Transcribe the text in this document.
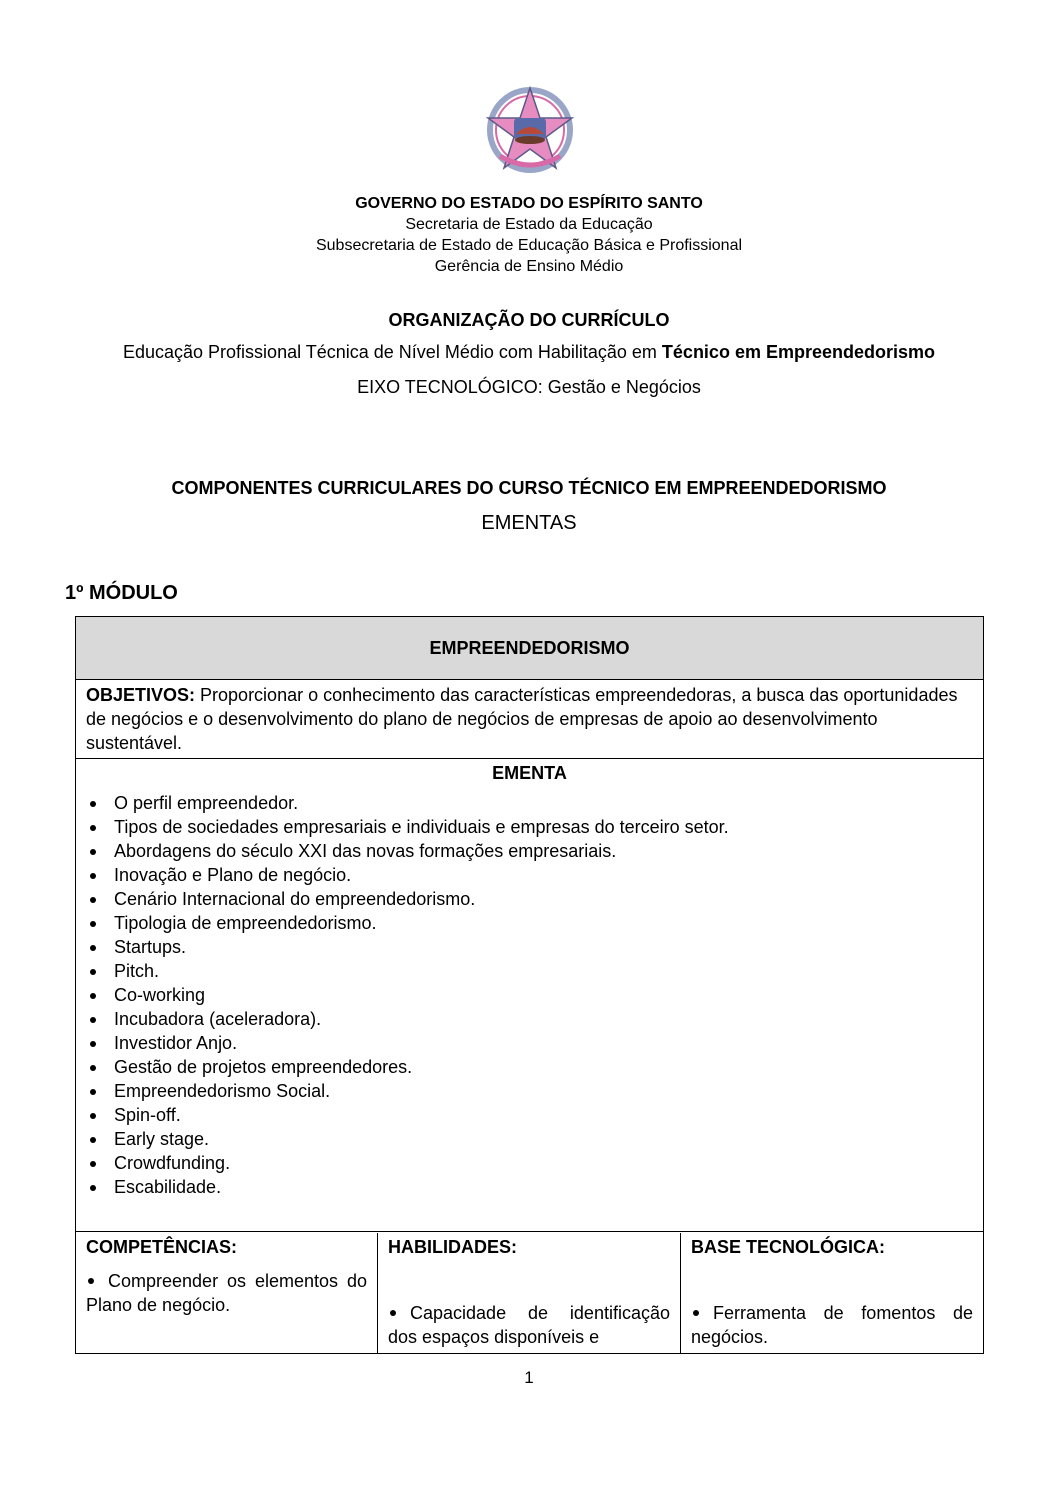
GOVERNO DO ESTADO DO ESPÍRITO SANTO
Secretaria de Estado da Educação
Subsecretaria de Estado de Educação Básica e Profissional
Gerência de Ensino Médio
ORGANIZAÇÃO DO CURRÍCULO
Educação Profissional Técnica de Nível Médio com Habilitação em Técnico em Empreendedorismo
EIXO TECNOLÓGICO: Gestão e Negócios
COMPONENTES CURRICULARES DO CURSO TÉCNICO EM EMPREENDEDORISMO
EMENTAS
1º MÓDULO
EMPREENDEDORISMO
OBJETIVOS: Proporcionar o conhecimento das características empreendedoras, a busca das oportunidades de negócios e o desenvolvimento do plano de negócios de empresas de apoio ao desenvolvimento sustentável.
EMENTA
O perfil empreendedor.
Tipos de sociedades empresariais e individuais e empresas do terceiro setor.
Abordagens do século XXI das novas formações empresariais.
Inovação e Plano de negócio.
Cenário Internacional do empreendedorismo.
Tipologia de empreendedorismo.
Startups.
Pitch.
Co-working
Incubadora (aceleradora).
Investidor Anjo.
Gestão de projetos empreendedores.
Empreendedorismo Social.
Spin-off.
Early stage.
Crowdfunding.
Escabilidade.
COMPETÊNCIAS:
Compreender os elementos do Plano de negócio.
HABILIDADES:
Capacidade de identificação dos espaços disponíveis e
BASE TECNOLÓGICA:
Ferramenta de fomentos de negócios.
1
